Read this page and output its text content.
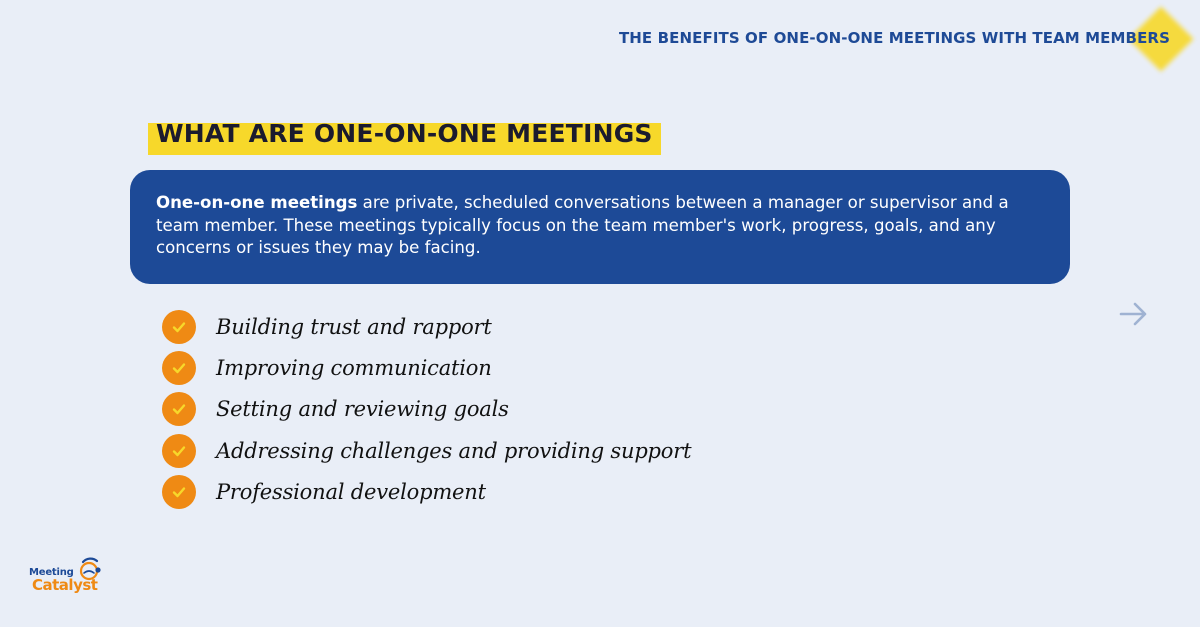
THE BENEFITS OF ONE-ON-ONE MEETINGS WITH TEAM MEMBERS
WHAT ARE ONE-ON-ONE MEETINGS
One-on-one meetings are private, scheduled conversations between a manager or supervisor and a team member. These meetings typically focus on the team member's work, progress, goals, and any concerns or issues they may be facing.
Building trust and rapport
Improving communication
Setting and reviewing goals
Addressing challenges and providing support
Professional development
Meeting
Catalyst
